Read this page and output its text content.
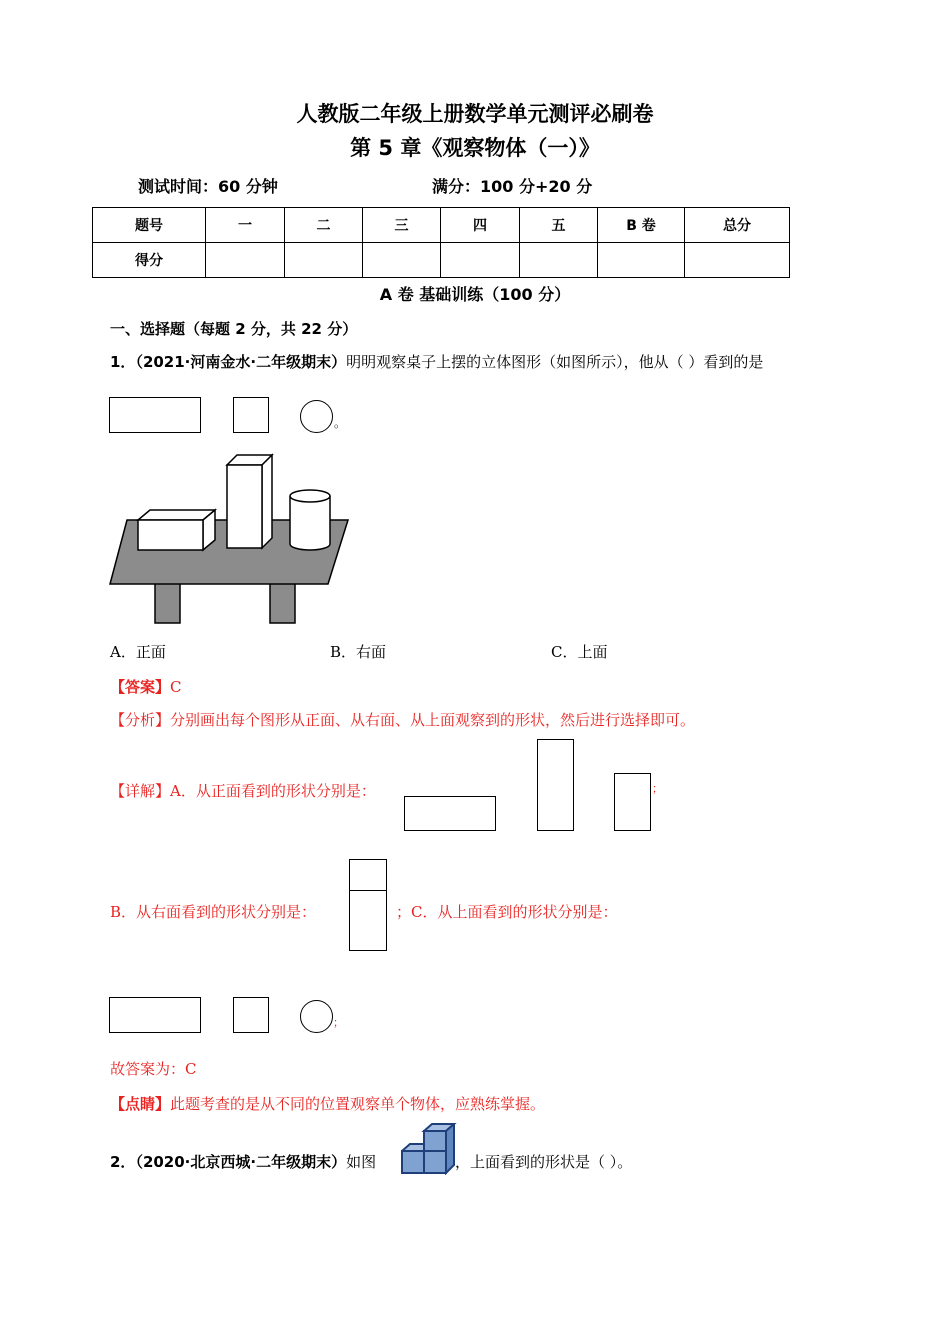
人教版二年级上册数学单元测评必刷卷
第 5 章《观察物体（一）》
测试时间：60 分钟	满分：100 分+20 分
题号	一	二	三	四	五	B 卷	总分
得分							
A 卷 基础训练（100 分）
一、选择题（每题 2 分，共 22 分）
1．（2021·河南金水·二年级期末）明明观察桌子上摆的立体图形（如图所示），他从（ ）看到的是
。
A．正面	B．右面	C．上面
【答案】C
【分析】分别画出每个图形从正面、从右面、从上面观察到的形状，然后进行选择即可。
【详解】A．从正面看到的形状分别是：	；
B．从右面看到的形状分别是：	；C．从上面看到的形状分别是：
；
故答案为：C
【点睛】此题考查的是从不同的位置观察单个物体，应熟练掌握。
2．（2020·北京西城·二年级期末）如图	，上面看到的形状是（ ）。
